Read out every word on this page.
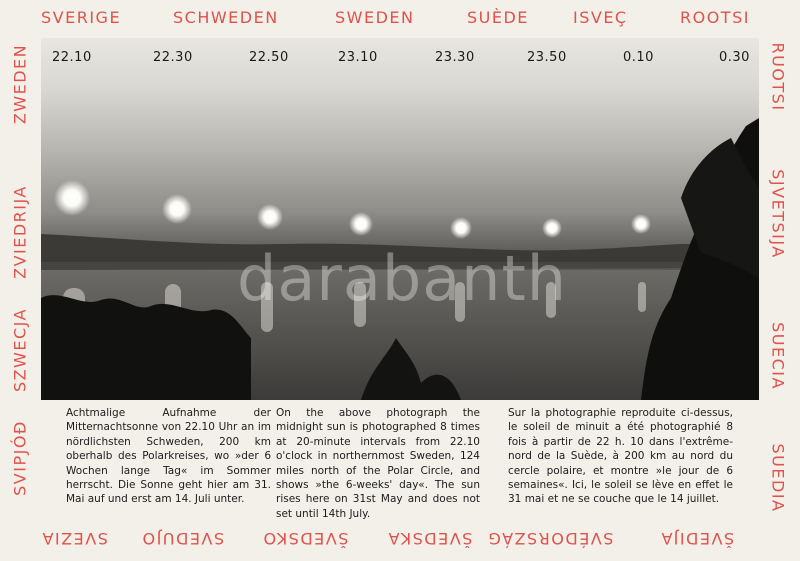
SVERIGE	SCHWEDEN	SWEDEN	SUÈDE	ISVEÇ	ROOTSI
ZWEDEN
ZVIEDRIJA
SZWECJA
SVIPJÓÐ
RUOTSI
SJVETSIJA
SUECIA
SUEDIA
SVEZIA SVEDUJO ŠVEDSKO ŠVEDSKA SVÉDORSZÁG	ŠVEDIJA
22.10	22.30	22.50	23.10	23.30	23.50	0.10	0.30
darabanth

Achtmalige Aufnahme der Mitternachtsonne von 22.10 Uhr an im nördlichsten Schweden, 200 km oberhalb des Polarkreises, wo »der 6 Wochen lange Tag« im Sommer herrscht. Die Sonne geht hier am 31. Mai auf und erst am 14. Juli unter.

On the above photograph the midnight sun is photographed 8 times at 20-minute intervals from 22.10 o'clock in northernmost Sweden, 124 miles north of the Polar Circle, and shows »the 6-weeks' day«. The sun rises here on 31st May and does not set until 14th July.

Sur la photographie reproduite ci-dessus, le soleil de minuit a été photographié 8 fois à partir de 22 h. 10 dans l'extrême-nord de la Suède, à 200 km au nord du cercle polaire, et montre »le jour de 6 semaines«. Ici, le soleil se lève en effet le 31 mai et ne se couche que le 14 juillet.
